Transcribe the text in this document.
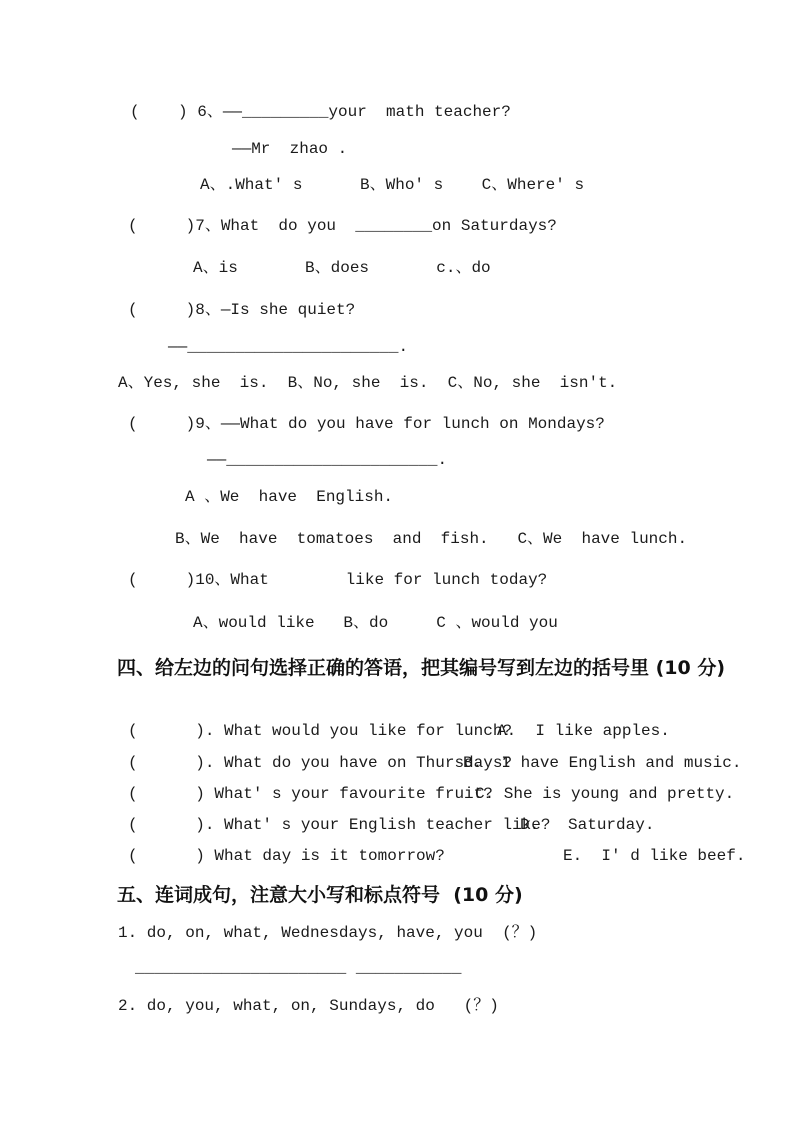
(    ) 6、——_________your  math teacher?
——Mr  zhao .
A、.What' s      B、Who' s    C、Where' s
(     )7、What  do you  ________on Saturdays?
A、is       B、does       c.、do
(     )8、—Is she quiet?
——______________________.
A、Yes, she  is.  B、No, she  is.  C、No, she  isn't.
(     )9、——What do you have for lunch on Mondays?
——______________________.
A 、We  have  English.
B、We  have  tomatoes  and  fish.   C、We  have lunch.
(     )10、What        like for lunch today?
A、would like   B、do     C 、would you
四、给左边的问句选择正确的答语，把其编号写到左边的括号里 (10 分)
(      ). What would you like for lunch?
A.  I like apples.
(      ). What do you have on Thursdays?
B.  I have English and music.
(      ) What' s your favourite fruit?
C. She is young and pretty.
(      ). What' s your English teacher like?
D.   Saturday.
(      ) What day is it tomorrow?	E.  I' d like beef.
五、连词成句，注意大小写和标点符号  (10 分)
1. do, on, what, Wednesdays, have, you  (？)
______________________ ___________
2. do, you, what, on, Sundays, do   (？)
